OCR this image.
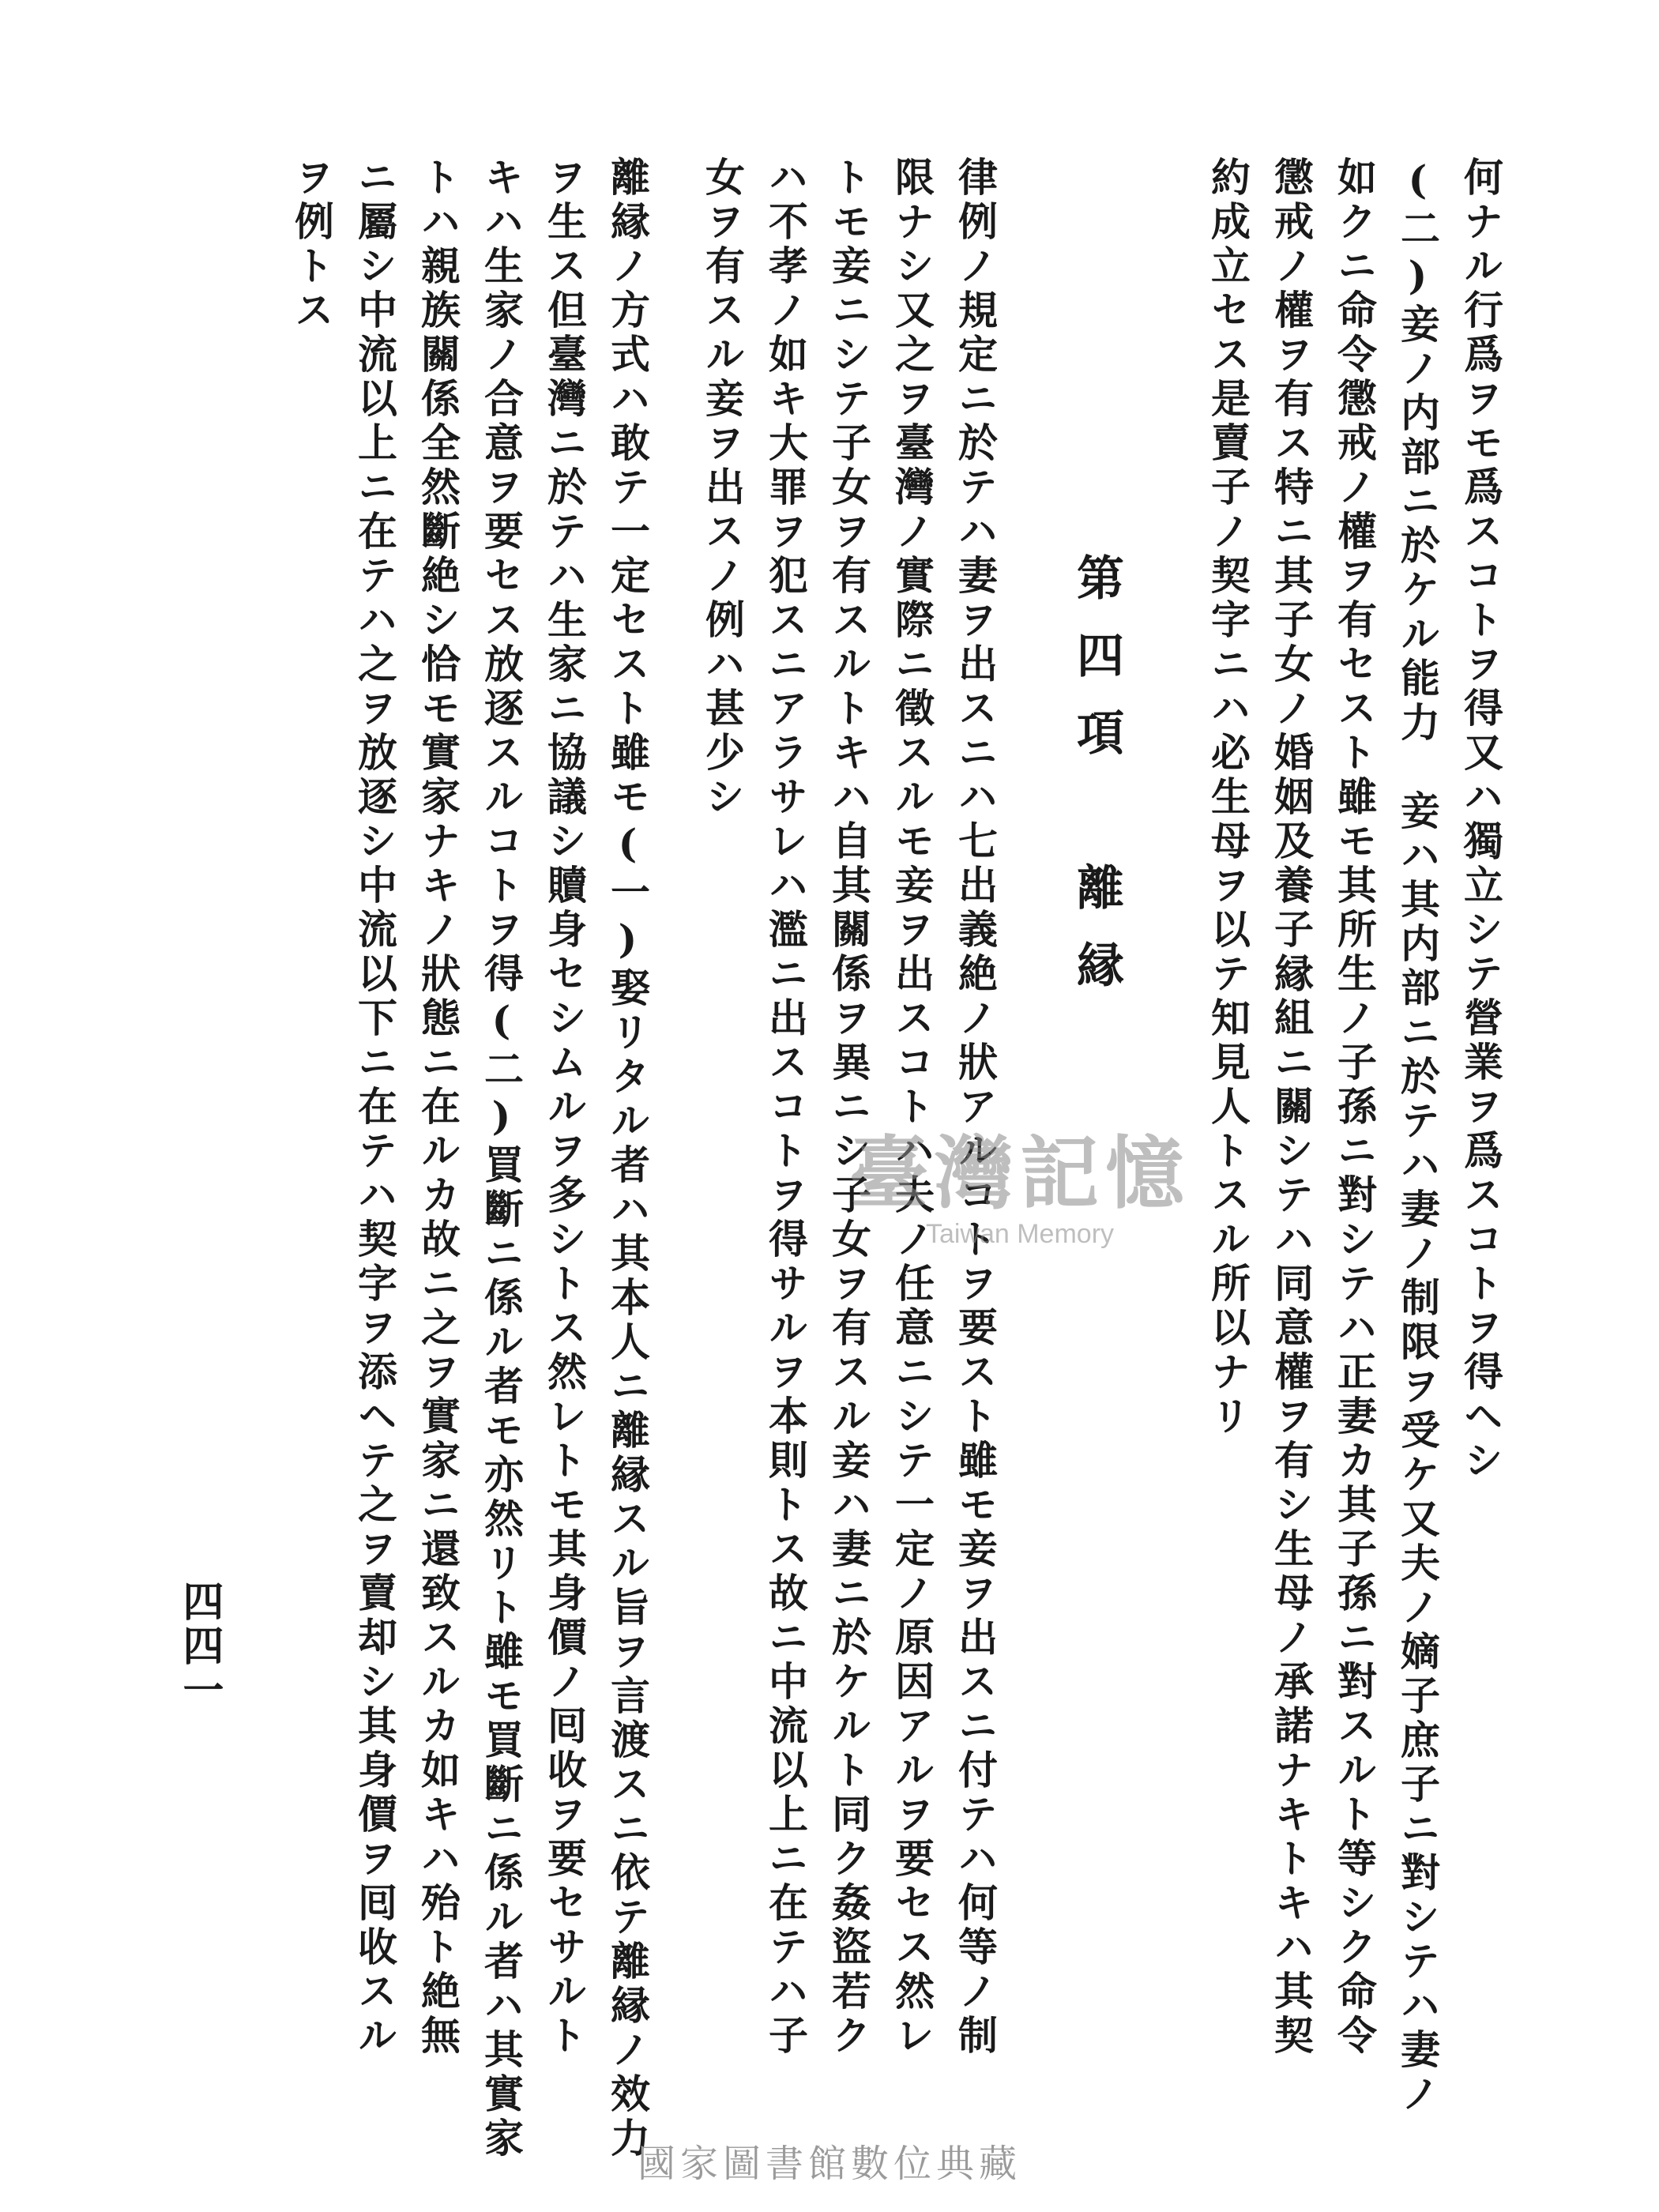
何ナル行爲ヲモ爲スコトヲ得又ハ獨立シテ營業ヲ爲スコトヲ得ヘシ
(二)妾ノ内部ニ於ケル能力　妾ハ其内部ニ於テハ妻ノ制限ヲ受ケ又夫ノ嫡子庶子ニ對シテハ妻ノ
如クニ命令懲戒ノ權ヲ有セスト雖モ其所生ノ子孫ニ對シテハ正妻カ其子孫ニ對スルト等シク命令
懲戒ノ權ヲ有ス特ニ其子女ノ婚姻及養子縁組ニ關シテハ同意權ヲ有シ生母ノ承諾ナキトキハ其契
約成立セス是賣子ノ契字ニハ必生母ヲ以テ知見人トスル所以ナリ
第四項　離縁
律例ノ規定ニ於テハ妻ヲ出スニハ七出義絶ノ狀アルコトヲ要スト雖モ妾ヲ出スニ付テハ何等ノ制
限ナシ又之ヲ臺灣ノ實際ニ徵スルモ妾ヲ出スコトハ夫ノ任意ニシテ一定ノ原因アルヲ要セス然レ
トモ妾ニシテ子女ヲ有スルトキハ自其關係ヲ異ニシ子女ヲ有スル妾ハ妻ニ於ケルト同ク姦盜若ク
ハ不孝ノ如キ大罪ヲ犯スニアラサレハ濫ニ出スコトヲ得サルヲ本則トス故ニ中流以上ニ在テハ子
女ヲ有スル妾ヲ出スノ例ハ甚少シ
離縁ノ方式ハ敢テ一定セスト雖モ(一)娶リタル者ハ其本人ニ離縁スル旨ヲ言渡スニ依テ離縁ノ效力
ヲ生ス但臺灣ニ於テハ生家ニ協議シ贖身セシムルヲ多シトス然レトモ其身價ノ囘收ヲ要セサルト
キハ生家ノ合意ヲ要セス放逐スルコトヲ得(二)買斷ニ係ル者モ亦然リト雖モ買斷ニ係ル者ハ其實家
トハ親族關係全然斷絶シ恰モ實家ナキノ狀態ニ在ルカ故ニ之ヲ實家ニ還致スルカ如キハ殆ト絶無
ニ屬シ中流以上ニ在テハ之ヲ放逐シ中流以下ニ在テハ契字ヲ添ヘテ之ヲ賣却シ其身價ヲ囘收スル
ヲ例トス
四四一
臺灣記憶
Taiwan Memory
國家圖書館數位典藏
